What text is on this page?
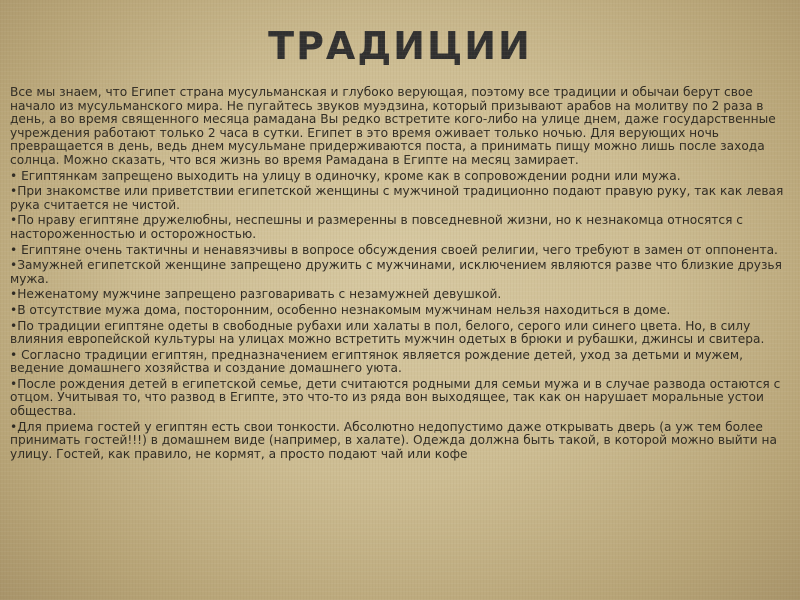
ТРАДИЦИИ

Все мы знаем, что Египет страна мусульманская и глубоко верующая, поэтому все традиции и обычаи берут свое начало из мусульманского мира. Не пугайтесь звуков муэдзина, который призывают арабов на молитву по 2 раза в день, а во время священного месяца рамадана Вы редко встретите кого-либо на улице днем, даже государственные учреждения работают только 2 часа в сутки. Египет в это время оживает только ночью. Для верующих ночь превращается в день, ведь днем мусульмане придерживаются поста, а принимать пищу можно лишь после захода солнца. Можно сказать, что вся жизнь во время Рамадана в Египте на месяц замирает.

• Египтянкам запрещено выходить на улицу в одиночку, кроме как в сопровождении родни или мужа.

•При знакомстве или приветствии египетской женщины с мужчиной традиционно подают правую руку, так как левая рука считается не чистой.

•По нраву египтяне дружелюбны, неспешны и размеренны в повседневной жизни, но к незнакомца относятся с настороженностью и осторожностью.

• Египтяне очень тактичны и ненавязчивы в вопросе обсуждения своей религии, чего требуют в замен от оппонента.

•Замужней египетской женщине запрещено дружить с мужчинами, исключением являются разве что близкие друзья мужа.

•Неженатому мужчине запрещено разговаривать с незамужней девушкой.

•В отсутствие мужа дома, посторонним, особенно незнакомым мужчинам нельзя находиться в доме.

•По традиции египтяне одеты в свободные рубахи или халаты в пол, белого, серого или синего цвета. Но, в силу влияния европейской культуры на улицах можно встретить мужчин одетых в брюки и рубашки, джинсы и свитера.

• Согласно традиции египтян, предназначением египтянок является рождение детей, уход за детьми и мужем, ведение домашнего хозяйства и создание домашнего уюта.

•После рождения детей в египетской семье, дети считаются родными для семьи мужа и в случае развода остаются с отцом. Учитывая то, что развод в Египте, это что-то из ряда вон выходящее, так как он нарушает моральные устои общества.

•Для приема гостей у египтян есть свои тонкости. Абсолютно недопустимо даже открывать дверь (а уж тем более принимать гостей!!!) в домашнем виде (например, в халате). Одежда должна быть такой, в которой можно выйти на улицу. Гостей, как правило, не кормят, а просто подают чай или кофе
